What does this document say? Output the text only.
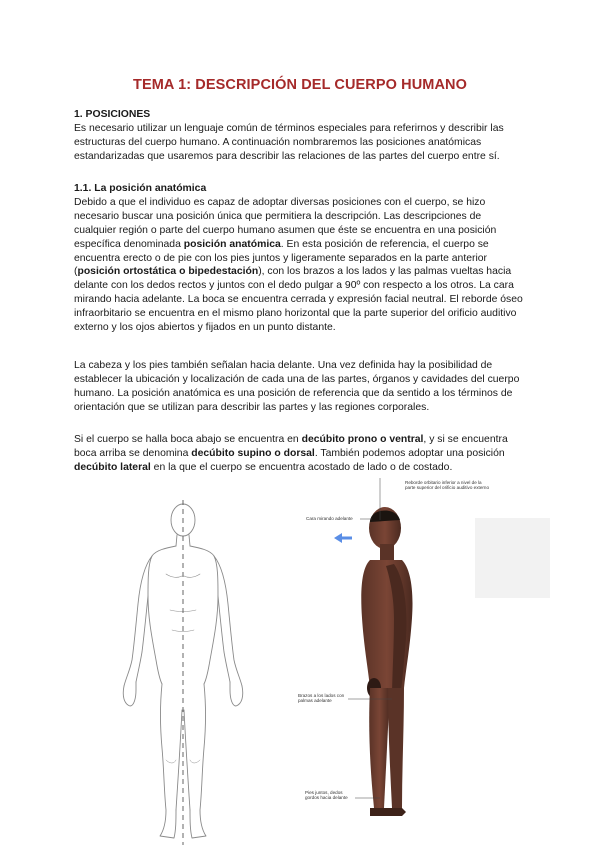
TEMA 1: DESCRIPCIÓN DEL CUERPO HUMANO

1. POSICIONES

Es necesario utilizar un lenguaje común de términos especiales para referirnos y describir las estructuras del cuerpo humano. A continuación nombraremos las posiciones anatómicas estandarizadas que usaremos para describir las relaciones de las partes del cuerpo entre sí.

1.1. La posición anatómica

Debido a que el individuo es capaz de adoptar diversas posiciones con el cuerpo, se hizo necesario buscar una posición única que permitiera la descripción. Las descripciones de cualquier región o parte del cuerpo humano asumen que éste se encuentra en una posición específica denominada posición anatómica. En esta posición de referencia, el cuerpo se encuentra erecto o de pie con los pies juntos y ligeramente separados en la parte anterior (posición ortostática o bipedestación), con los brazos a los lados y las palmas vueltas hacia delante con los dedos rectos y juntos con el dedo pulgar a 90º con respecto a los otros. La cara mirando hacia adelante. La boca se encuentra cerrada y expresión facial neutral. El reborde óseo infraorbitario se encuentra en el mismo plano horizontal que la parte superior del orificio auditivo externo y los ojos abiertos y fijados en un punto distante.

La cabeza y los pies también señalan hacia delante. Una vez definida hay la posibilidad de establecer la ubicación y localización de cada una de las partes, órganos y cavidades del cuerpo humano. La posición anatómica es una posición de referencia que da sentido a los términos de orientación que se utilizan para describir las partes y las regiones corporales.

Si el cuerpo se halla boca abajo se encuentra en decúbito prono o ventral, y si se encuentra boca arriba se denomina decúbito supino o dorsal. También podemos adoptar una posición decúbito lateral en la que el cuerpo se encuentra acostado de lado o de costado.

Reborde orbitario inferior a nivel de la parte superior del orificio auditivo externo
Cara mirando adelante
Brazos a los lados con palmas adelante
Pies juntos, dedos gordos hacia delante
